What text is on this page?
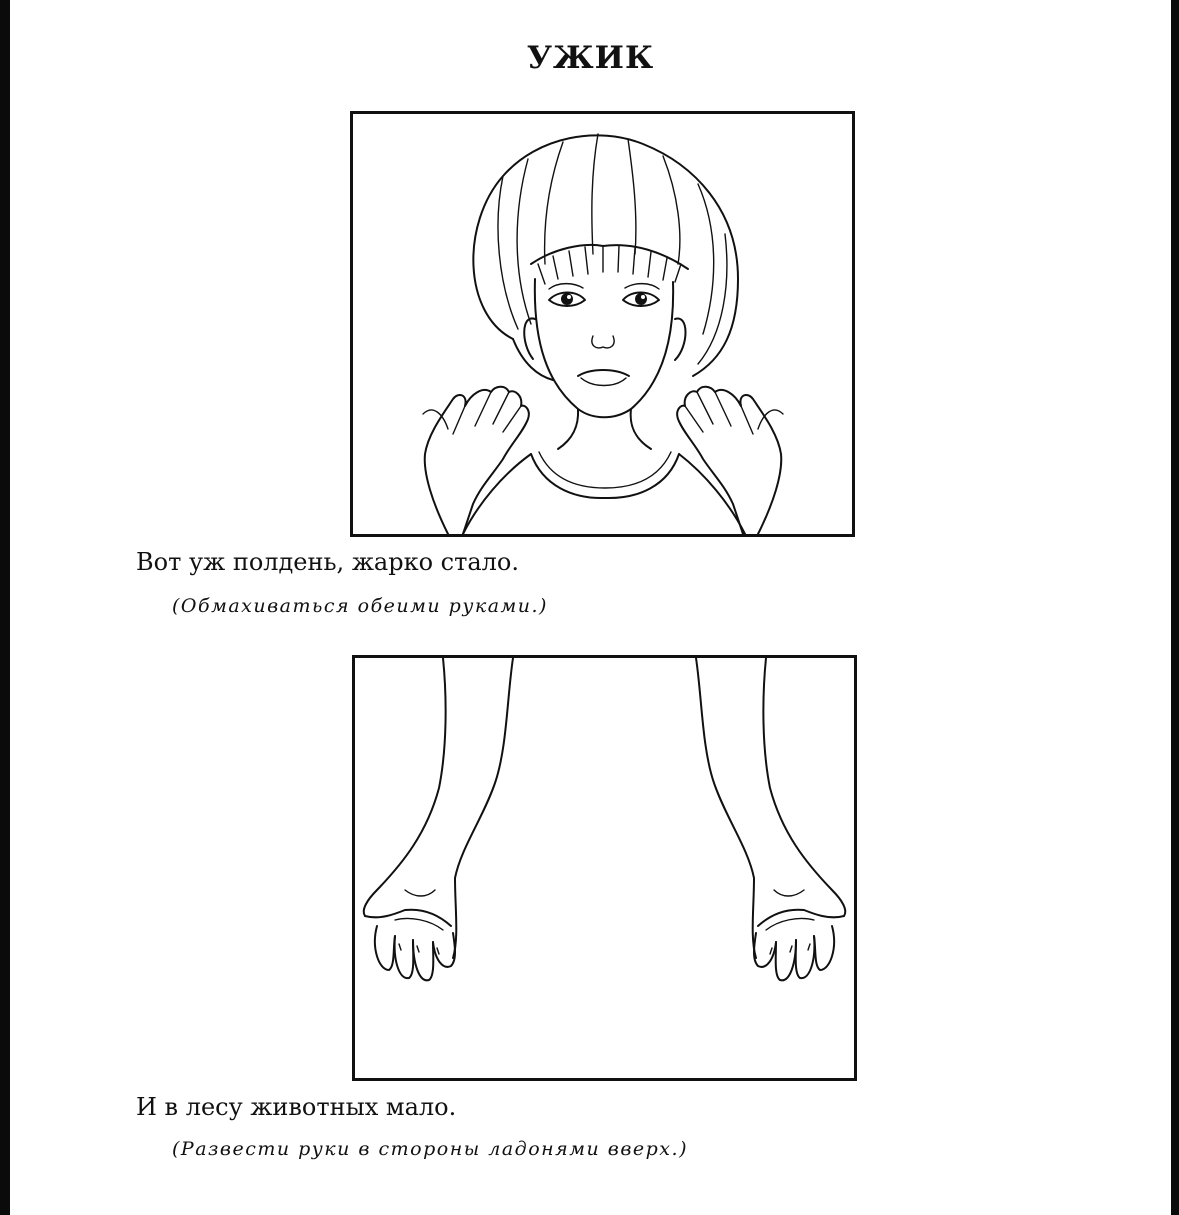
УЖИК
Вот уж полдень, жарко стало.
(Обмахиваться обеими руками.)
И в лесу животных мало.
(Развести руки в стороны ладонями вверх.)
